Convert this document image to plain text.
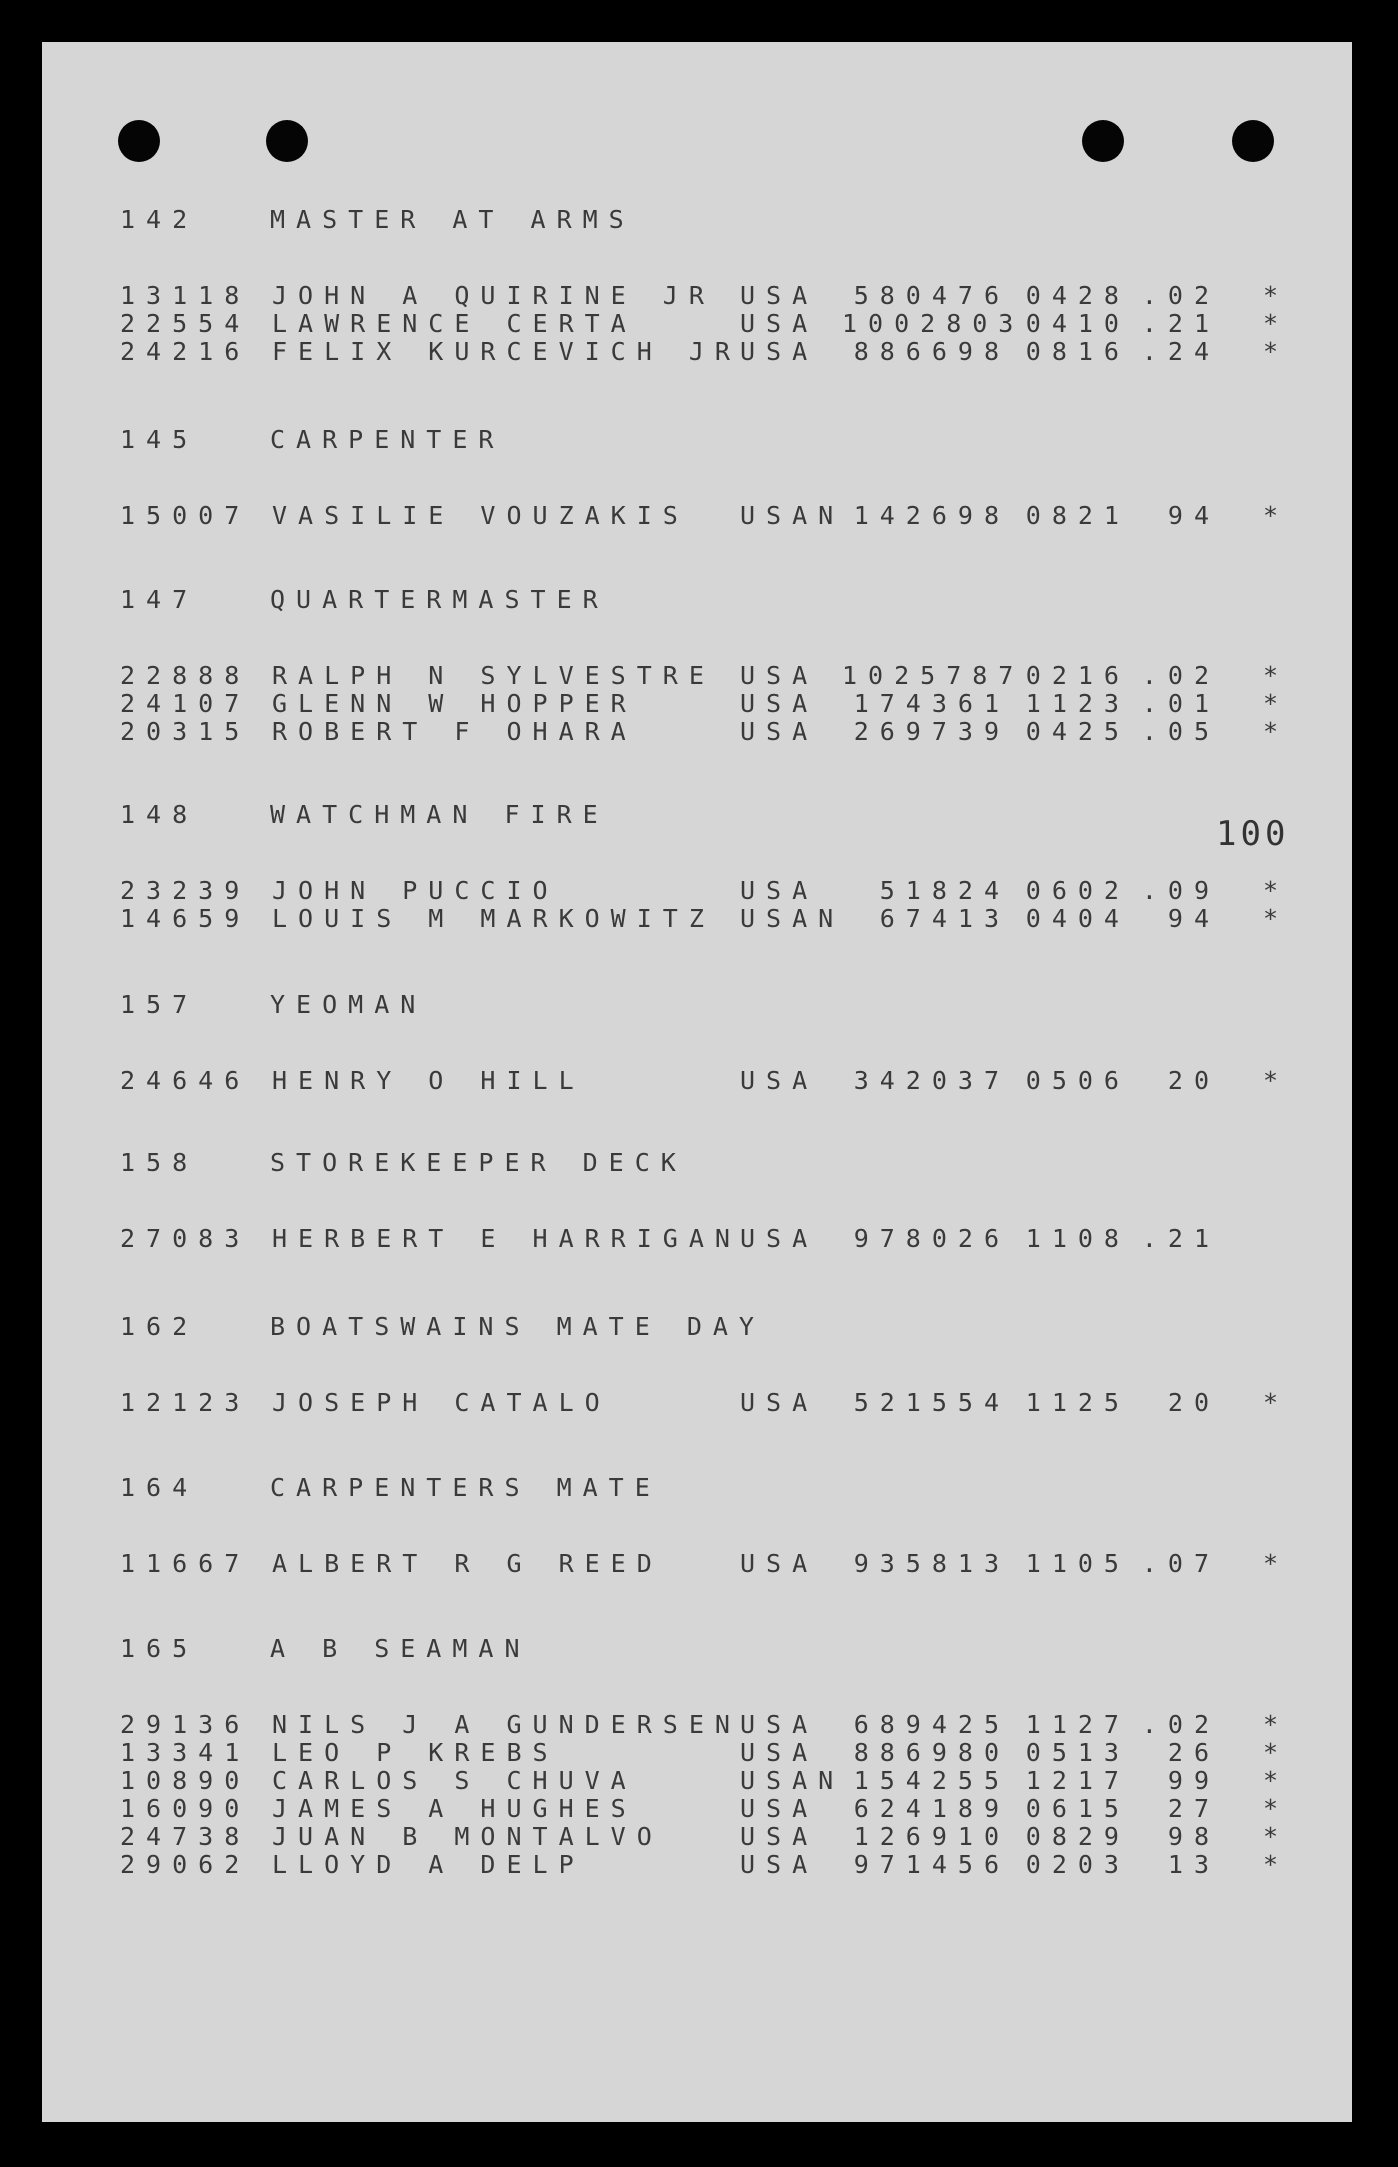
100
142	MASTER AT ARMS
13118 JOHN A QUIRINE JR	USA	580476 0428 .02	*
22554 LAWRENCE CERTA	USA 1002803 0410 .21	*
24216 FELIX KURCEVICH JR USA	886698 0816 .24	*
145	CARPENTER
15007 VASILIE VOUZAKIS	USAN 142698 0821	94	*
147	QUARTERMASTER
22888 RALPH N SYLVESTRE	USA 1025787 0216 .02	*
24107 GLENN W HOPPER	USA	174361 1123 .01	*
20315 ROBERT F OHARA	USA	269739 0425 .05	*
148	WATCHMAN FIRE
23239 JOHN PUCCIO	USA	51824 0602 .09	*
14659 LOUIS M MARKOWITZ	USAN	67413 0404	94	*
157	YEOMAN
24646 HENRY O HILL	USA	342037 0506	20	*
158	STOREKEEPER DECK
27083 HERBERT E HARRIGAN USA	978026 1108 .21
162	BOATSWAINS MATE DAY
12123 JOSEPH CATALO	USA	521554 1125	20	*
164	CARPENTERS MATE
11667 ALBERT R G REED	USA	935813 1105 .07	*
165	A B SEAMAN
29136 NILS J A GUNDERSEN USA	689425 1127 .02	*
13341 LEO P KREBS	USA	886980 0513	26	*
10890 CARLOS S CHUVA	USAN 154255 1217	99	*
16090 JAMES A HUGHES	USA	624189 0615	27	*
24738 JUAN B MONTALVO	USA	126910 0829	98	*
29062 LLOYD A DELP	USA	971456 0203	13	*
